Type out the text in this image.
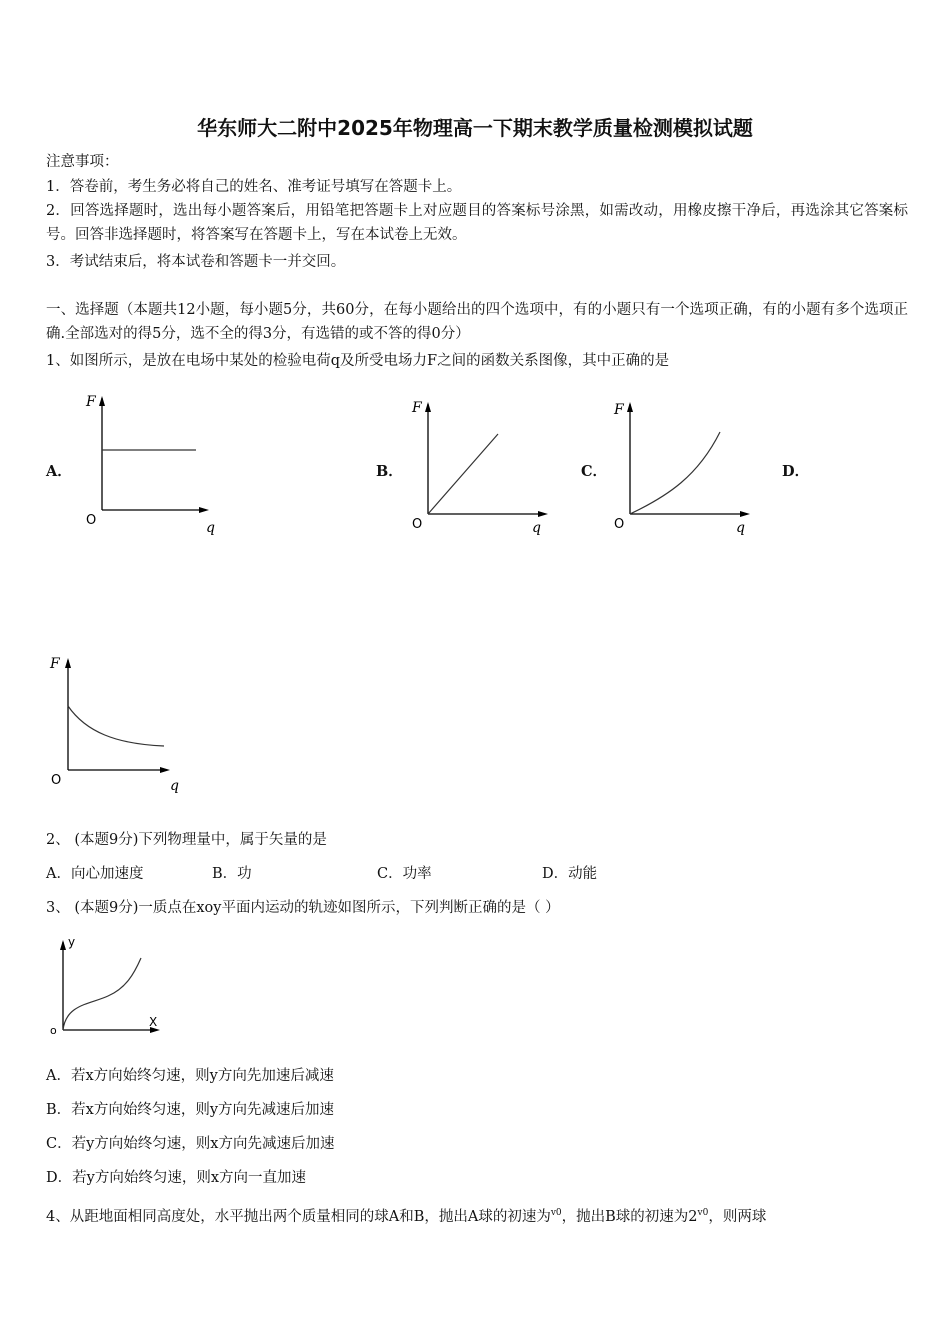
华东师大二附中2025年物理高一下期末教学质量检测模拟试题
注意事项：
1．答卷前，考生务必将自己的姓名、准考证号填写在答题卡上。
2．回答选择题时，选出每小题答案后，用铅笔把答题卡上对应题目的答案标号涂黑，如需改动，用橡皮擦干净后，再选涂其它答案标号。回答非选择题时，将答案写在答题卡上，写在本试卷上无效。
3．考试结束后，将本试卷和答题卡一并交回。
一、选择题（本题共12小题，每小题5分，共60分，在每小题给出的四个选项中，有的小题只有一个选项正确，有的小题有多个选项正确.全部选对的得5分，选不全的得3分，有选错的或不答的得0分）
1、如图所示，是放在电场中某处的检验电荷q及所受电场力F之间的函数关系图像，其中正确的是
A．	B．	C．	D．
F
O	q
F
O	q
F
O	q
F
O	q
2、 (本题9分)下列物理量中，属于矢量的是
A．向心加速度	B．功	C．功率	D．动能
3、 (本题9分)一质点在xoy平面内运动的轨迹如图所示，下列判断正确的是（ ）
y
o
X
A．若x方向始终匀速，则y方向先加速后减速
B．若x方向始终匀速，则y方向先减速后加速
C．若y方向始终匀速，则x方向先减速后加速
D．若y方向始终匀速，则x方向一直加速
4、从距地面相同高度处，水平抛出两个质量相同的球A和B，抛出A球的初速为$^{v0}$，抛出B球的初速为$2^{v0}$，则两球
